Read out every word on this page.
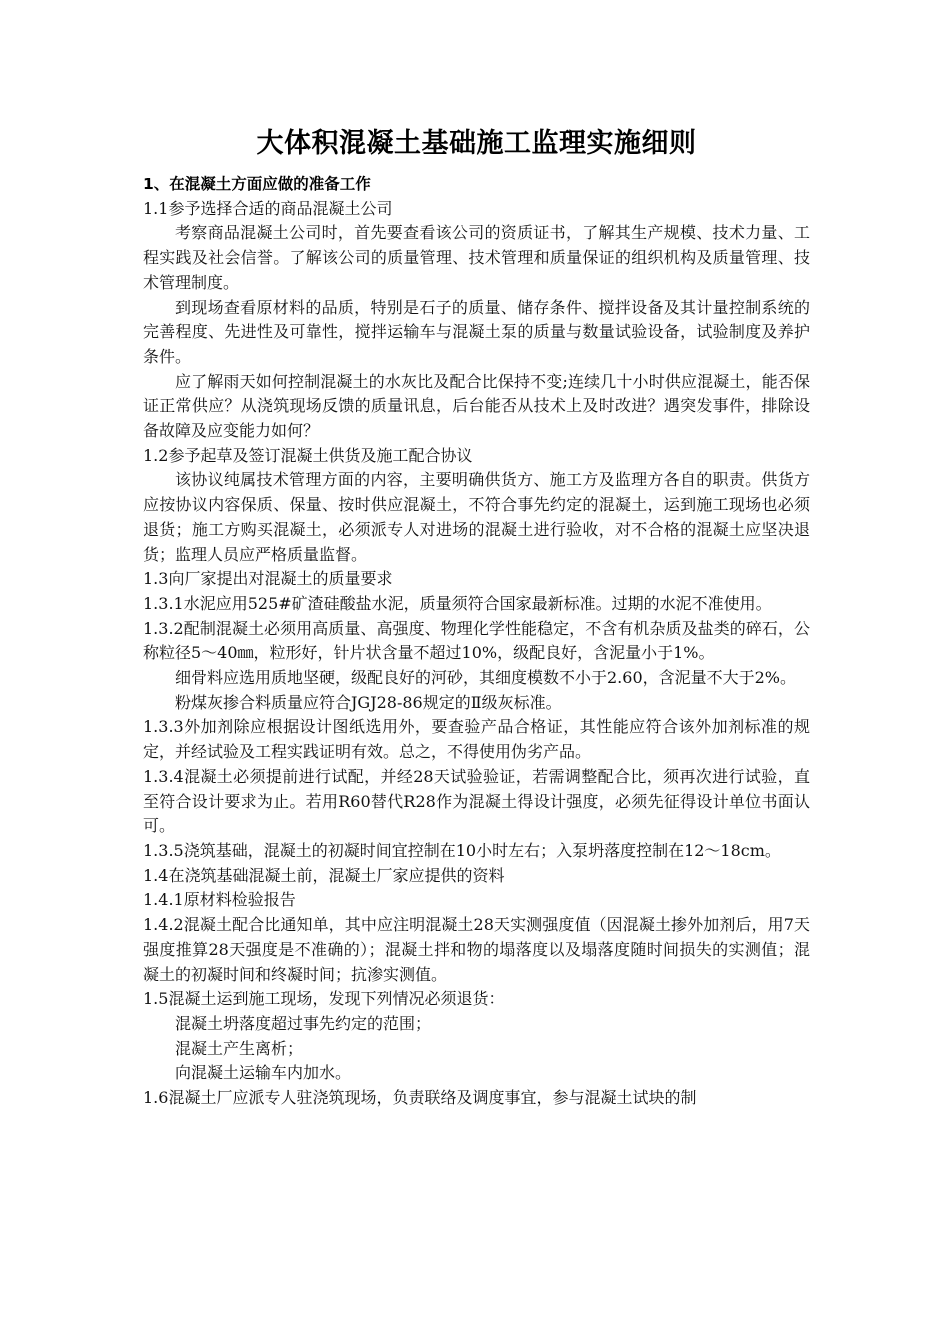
大体积混凝土基础施工监理实施细则

1、在混凝土方面应做的准备工作

1.1参予选择合适的商品混凝土公司

考察商品混凝土公司时，首先要查看该公司的资质证书，了解其生产规模、技术力量、工程实践及社会信誉。了解该公司的质量管理、技术管理和质量保证的组织机构及质量管理、技术管理制度。

到现场查看原材料的品质，特别是石子的质量、储存条件、搅拌设备及其计量控制系统的完善程度、先进性及可靠性，搅拌运输车与混凝土泵的质量与数量试验设备，试验制度及养护条件。

应了解雨天如何控制混凝土的水灰比及配合比保持不变;连续几十小时供应混凝土，能否保证正常供应？从浇筑现场反馈的质量讯息，后台能否从技术上及时改进？遇突发事件，排除设备故障及应变能力如何？

1.2参予起草及签订混凝土供货及施工配合协议

该协议纯属技术管理方面的内容，主要明确供货方、施工方及监理方各自的职责。供货方应按协议内容保质、保量、按时供应混凝土，不符合事先约定的混凝土，运到施工现场也必须退货；施工方购买混凝土，必须派专人对进场的混凝土进行验收，对不合格的混凝土应坚决退货；监理人员应严格质量监督。

1.3向厂家提出对混凝土的质量要求

1.3.1水泥应用525#矿渣硅酸盐水泥，质量须符合国家最新标准。过期的水泥不准使用。

1.3.2配制混凝土必须用高质量、高强度、物理化学性能稳定，不含有机杂质及盐类的碎石，公称粒径5～40㎜，粒形好，针片状含量不超过10%，级配良好，含泥量小于1%。

细骨料应选用质地坚硬，级配良好的河砂，其细度模数不小于2.60，含泥量不大于2%。

粉煤灰掺合料质量应符合JGJ28-86规定的Ⅱ级灰标准。

1.3.3外加剂除应根据设计图纸选用外，要查验产品合格证，其性能应符合该外加剂标准的规定，并经试验及工程实践证明有效。总之，不得使用伪劣产品。

1.3.4混凝土必须提前进行试配，并经28天试验验证，若需调整配合比，须再次进行试验，直至符合设计要求为止。若用R60替代R28作为混凝土得设计强度，必须先征得设计单位书面认可。

1.3.5浇筑基础，混凝土的初凝时间宜控制在10小时左右；入泵坍落度控制在12～18cm。

1.4在浇筑基础混凝土前，混凝土厂家应提供的资料

1.4.1原材料检验报告

1.4.2混凝土配合比通知单，其中应注明混凝土28天实测强度值（因混凝土掺外加剂后，用7天强度推算28天强度是不准确的）；混凝土拌和物的塌落度以及塌落度随时间损失的实测值；混凝土的初凝时间和终凝时间；抗渗实测值。

1.5混凝土运到施工现场，发现下列情况必须退货：

混凝土坍落度超过事先约定的范围；

混凝土产生离析；

向混凝土运输车内加水。

1.6混凝土厂应派专人驻浇筑现场，负责联络及调度事宜，参与混凝土试块的制
